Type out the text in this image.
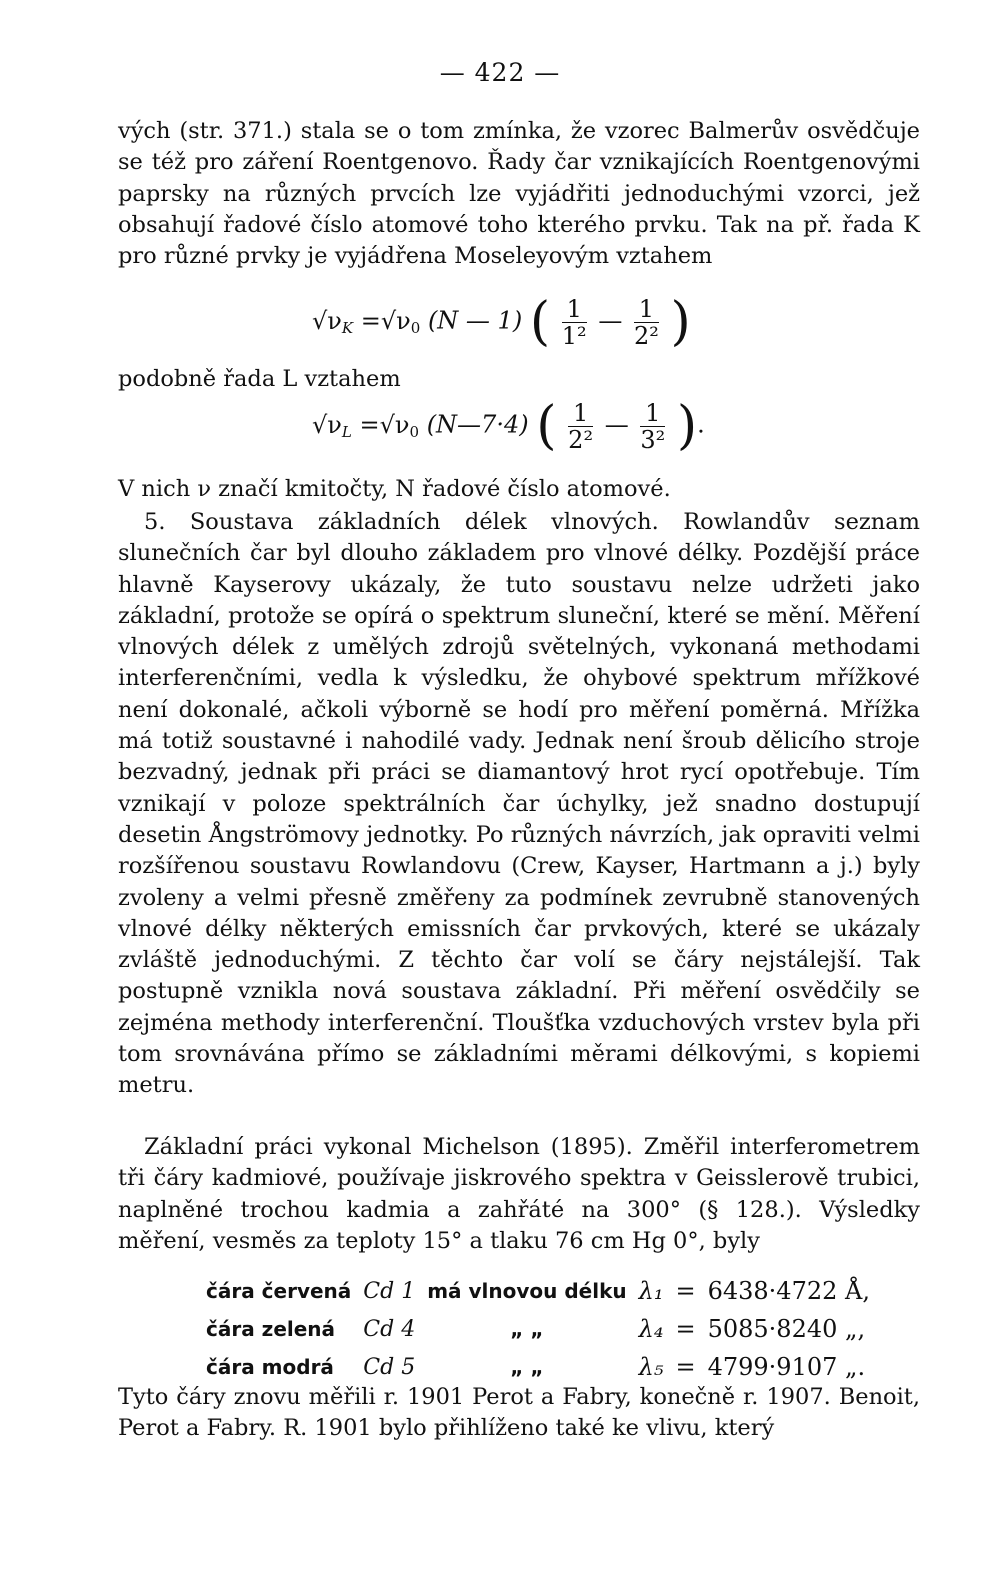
— 422 —

vých (str. 371.) stala se o tom zmínka, že vzorec Balmerův osvědčuje se též pro záření Roentgenovo. Řady čar vznikajících Roentgenovými paprsky na různých prvcích lze vyjádřiti jednoduchými vzorci, jež obsahují řadové číslo atomové toho kterého prvku. Tak na př. řada K pro různé prvky je vyjádřena Moseleyovým vztahem

$√\nu_K =√\nu_0$ (N — 1) ( $\frac{1}{\text{1²}}$ — $\frac{1}{\text{2²}}$ )

podobně řada L vztahem

$√\nu_L =√\nu_0$ (N—7·4) ( $\frac{1}{\text{2²}}$ — $\frac{1}{\text{3²}}$ ).

V nich ν značí kmitočty, N řadové číslo atomové.

5. Soustava základních délek vlnových. Rowlandův seznam slunečních čar byl dlouho základem pro vlnové délky. Pozdější práce hlavně Kayserovy ukázaly, že tuto soustavu nelze udržeti jako základní, protože se opírá o spektrum sluneční, které se mění. Měření vlnových délek z umělých zdrojů světelných, vykonaná methodami interferenčními, vedla k výsledku, že ohybové spektrum mřížkové není dokonalé, ačkoli výborně se hodí pro měření poměrná. Mřížka má totiž soustavné i nahodilé vady. Jednak není šroub dělicího stroje bezvadný, jednak při práci se diamantový hrot rycí opotřebuje. Tím vznikají v poloze spektrálních čar úchylky, jež snadno dostupují desetin Ångströmovy jednotky. Po různých návrzích, jak opraviti velmi rozšířenou soustavu Rowlandovu (Crew, Kayser, Hartmann a j.) byly zvoleny a velmi přesně změřeny za podmínek zevrubně stanovených vlnové délky některých emissních čar prvkových, které se ukázaly zvláště jednoduchými. Z těchto čar volí se čáry nejstálejší. Tak postupně vznikla nová soustava základní. Při měření osvědčily se zejména methody interferenční. Tloušťka vzduchových vrstev byla při tom srovnávána přímo se základními měrami délkovými, s kopiemi metru.

Základní práci vykonal Michelson (1895). Změřil interferometrem tři čáry kadmiové, používaje jiskrového spektra v Geisslerově trubici, naplněné trochou kadmia a zahřáté na 300° (§ 128.). Výsledky měření, vesměs za teploty 15° a tlaku 76 cm Hg 0°, byly

čára červená	Cd 1	má vlnovou délku	λ₁	=	6438·4722 Å,
čára zelená	Cd 4	„ „	λ₄	=	5085·8240 „,
čára modrá	Cd 5	„ „	λ₅	=	4799·9107 „.

Tyto čáry znovu měřili r. 1901 Perot a Fabry, konečně r. 1907. Benoit, Perot a Fabry. R. 1901 bylo přihlíženo také ke vlivu, který
